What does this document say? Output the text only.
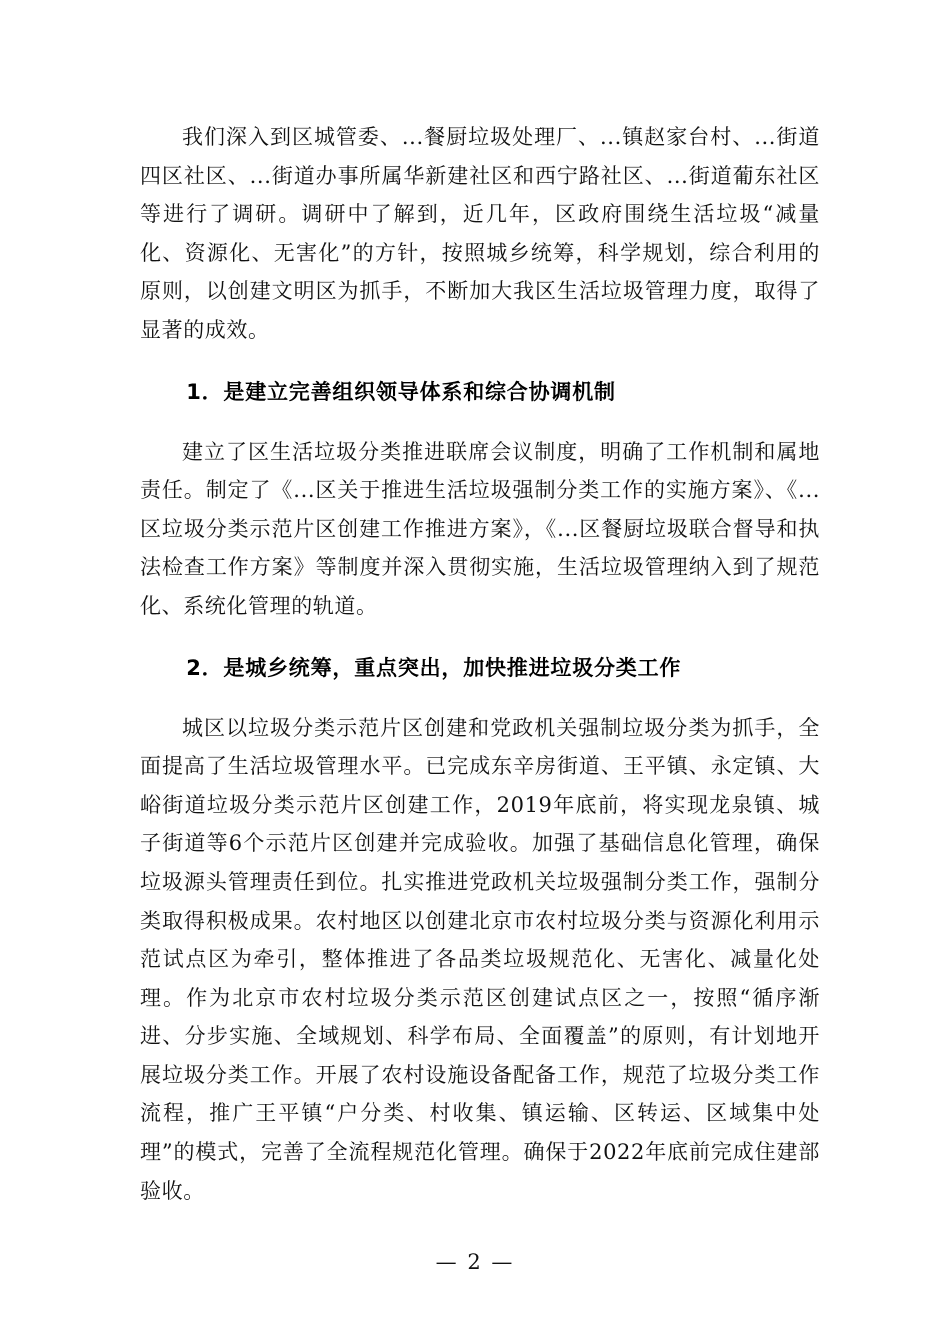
我们深入到区城管委、...餐厨垃圾处理厂、...镇赵家台村、...街道四区社区、...街道办事所属华新建社区和西宁路社区、...街道葡东社区等进行了调研。调研中了解到，近几年，区政府围绕生活垃圾“减量化、资源化、无害化”的方针，按照城乡统筹，科学规划，综合利用的原则，以创建文明区为抓手，不断加大我区生活垃圾管理力度，取得了显著的成效。

1．是建立完善组织领导体系和综合协调机制

建立了区生活垃圾分类推进联席会议制度，明确了工作机制和属地责任。制定了《...区关于推进生活垃圾强制分类工作的实施方案》、《...区垃圾分类示范片区创建工作推进方案》，《...区餐厨垃圾联合督导和执法检查工作方案》等制度并深入贯彻实施，生活垃圾管理纳入到了规范化、系统化管理的轨道。

2．是城乡统筹，重点突出，加快推进垃圾分类工作

城区以垃圾分类示范片区创建和党政机关强制垃圾分类为抓手，全面提高了生活垃圾管理水平。已完成东辛房街道、王平镇、永定镇、大峪街道垃圾分类示范片区创建工作，2019年底前，将实现龙泉镇、城子街道等6个示范片区创建并完成验收。加强了基础信息化管理，确保垃圾源头管理责任到位。扎实推进党政机关垃圾强制分类工作，强制分类取得积极成果。农村地区以创建北京市农村垃圾分类与资源化利用示范试点区为牵引，整体推进了各品类垃圾规范化、无害化、减量化处理。作为北京市农村垃圾分类示范区创建试点区之一，按照“循序渐进、分步实施、全域规划、科学布局、全面覆盖”的原则，有计划地开展垃圾分类工作。开展了农村设施设备配备工作，规范了垃圾分类工作流程，推广王平镇“户分类、村收集、镇运输、区转运、区域集中处理”的模式，完善了全流程规范化管理。确保于2022年底前完成住建部验收。

— 2 —
